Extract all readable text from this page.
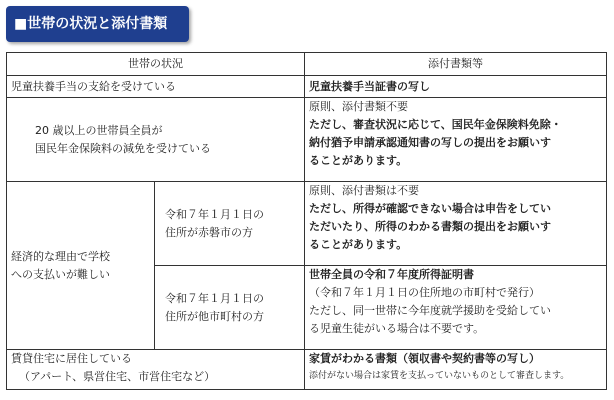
■世帯の状況と添付書類
世帯の状況		添付書類等

児童扶養手当の支給を受けている		児童扶養手当証書の写し

20 歳以上の世帯員全員が
国民年金保険料の減免を受けている		原則、添付書類不要
ただし、審査状況に応じて、国民年金保険料免除・
納付猶予申請承認通知書の写しの提出をお願いす
ることがあります。

経済的な理由で学校
への支払いが難しい	令和７年１月１日の
住所が赤磐市の方	原則、添付書類は不要
ただし、所得が確認できない場合は申告をしてい
ただいたり、所得のわかる書類の提出をお願いす
ることがあります。

	令和７年１月１日の
住所が他市町村の方	世帯全員の令和７年度所得証明書
（令和７年１月１日の住所地の市町村で発行）
ただし、同一世帯に今年度就学援助を受給してい
る児童生徒がいる場合は不要です。

賃貸住宅に居住している
（アパート、県営住宅、市営住宅など）		家賃がわかる書類（領収書や契約書等の写し）
添付がない場合は家賃を支払っていないものとして審査します。
